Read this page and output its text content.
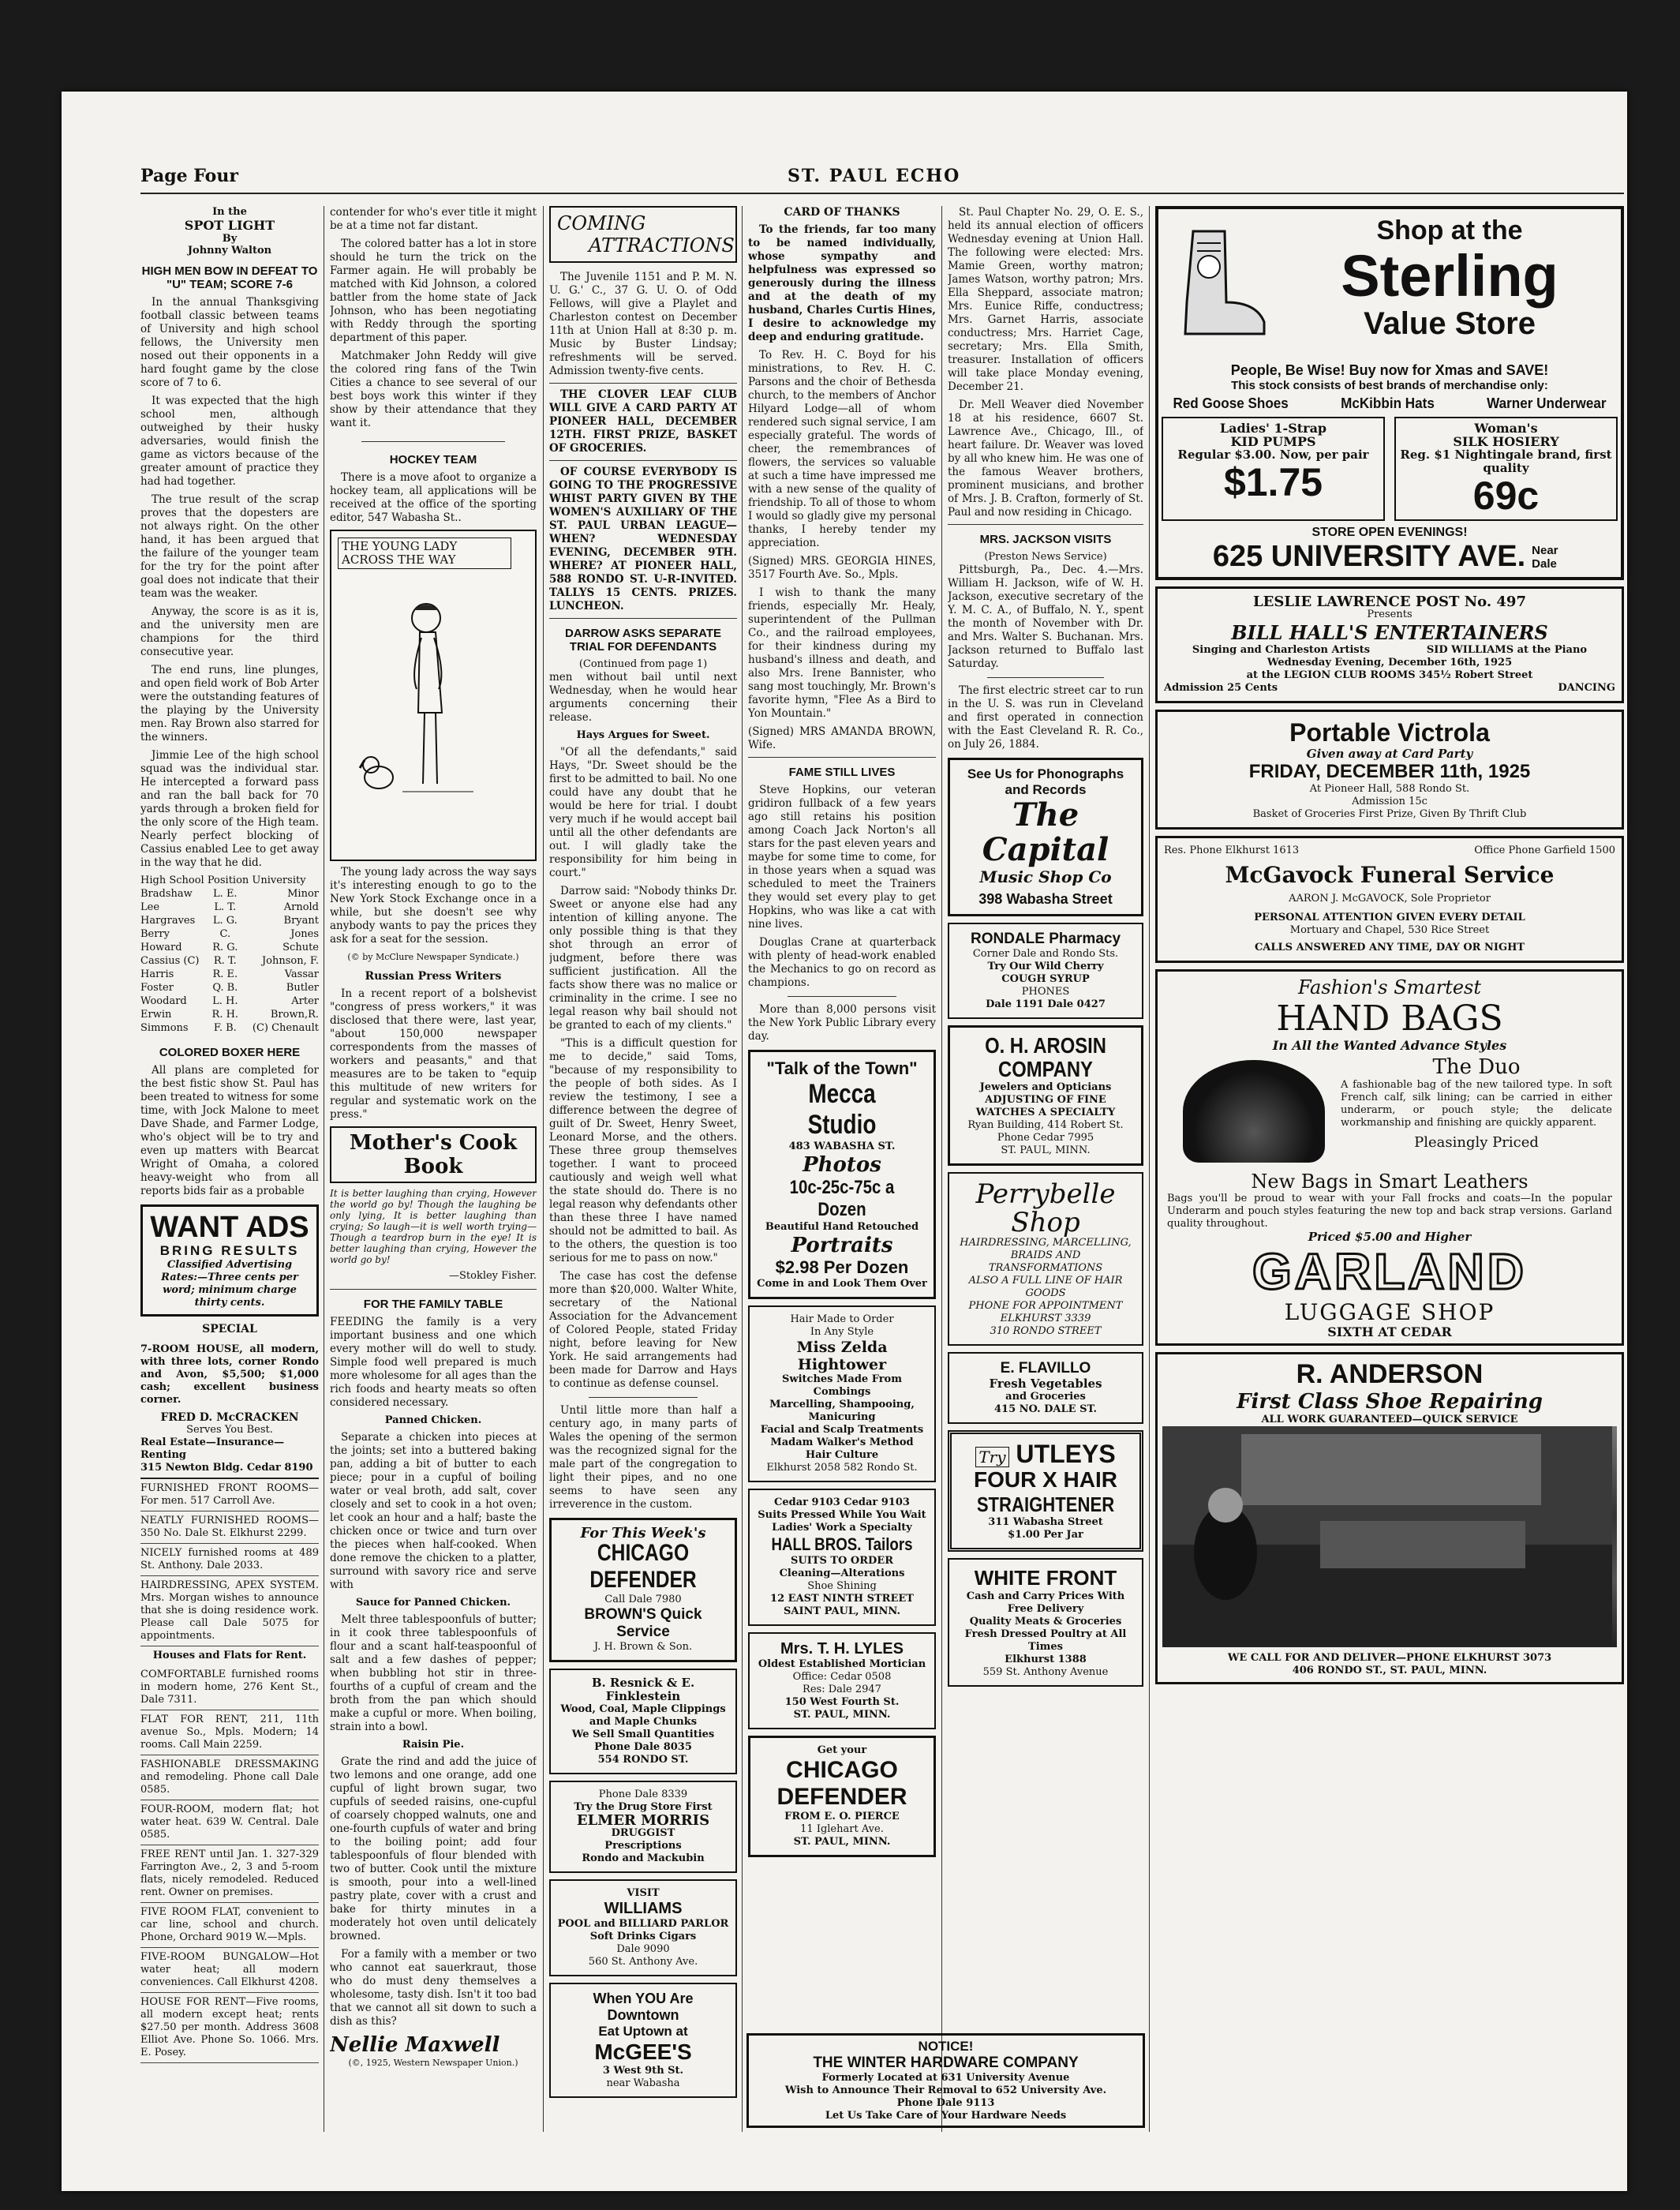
Page Four	ST. PAUL ECHO
In the
SPOT LIGHT
By
Johnny Walton
HIGH MEN BOW IN DEFEAT TO "U" TEAM; SCORE 7-6

In the annual Thanksgiving football classic between teams of University and high school fellows, the University men nosed out their opponents in a hard fought game by the close score of 7 to 6.

It was expected that the high school men, although outweighed by their husky adversaries, would finish the game as victors because of the greater amount of practice they had had together.

The true result of the scrap proves that the dopesters are not always right. On the other hand, it has been argued that the failure of the younger team for the try for the point after goal does not indicate that their team was the weaker.

Anyway, the score is as it is, and the university men are champions for the third consecutive year.

The end runs, line plunges, and open field work of Bob Arter were the outstanding features of the playing by the University men. Ray Brown also starred for the winners.

Jimmie Lee of the high school squad was the individual star. He intercepted a forward pass and ran the ball back for 70 yards through a broken field for the only score of the High team. Nearly perfect blocking of Cassius enabled Lee to get away in the way that he did.

High School Position University
Bradshaw	L. E.	Minor
Lee	L. T.	Arnold
Hargraves	L. G.	Bryant
Berry	C.	Jones
Howard	R. G.	Schute
Cassius (C)	R. T.	Johnson, F.
Harris	R. E.	Vassar
Foster	Q. B.	Butler
Woodard	L. H.	Arter
Erwin	R. H.	Brown,R.
Simmons	F. B.	(C) Chenault
COLORED BOXER HERE

All plans are completed for the best fistic show St. Paul has been treated to witness for some time, with Jock Malone to meet Dave Shade, and Farmer Lodge, who's object will be to try and even up matters with Bearcat Wright of Omaha, a colored heavy-weight who from all reports bids fair as a probable

WANT ADS
BRING RESULTS
Classified Advertising Rates:—Three cents per word; minimum charge thirty cents.
SPECIAL
7-ROOM HOUSE, all modern, with three lots, corner Rondo and Avon, $5,500; $1,000 cash; excellent business corner.
FRED D. McCRACKEN
Serves You Best.
Real Estate—Insurance—Renting
315 Newton Bldg. Cedar 8190
FURNISHED FRONT ROOMS—For men. 517 Carroll Ave.
NEATLY FURNISHED ROOMS—350 No. Dale St. Elkhurst 2299.
NICELY furnished rooms at 489 St. Anthony. Dale 2033.
HAIRDRESSING, APEX SYSTEM. Mrs. Morgan wishes to announce that she is doing residence work. Please call Dale 5075 for appointments.
Houses and Flats for Rent.
COMFORTABLE furnished rooms in modern home, 276 Kent St., Dale 7311.
FLAT FOR RENT, 211, 11th avenue So., Mpls. Modern; 14 rooms. Call Main 2259.
FASHIONABLE DRESSMAKING and remodeling. Phone call Dale 0585.
FOUR-ROOM, modern flat; hot water heat. 639 W. Central. Dale 0585.
FREE RENT until Jan. 1. 327-329 Farrington Ave., 2, 3 and 5-room flats, nicely remodeled. Reduced rent. Owner on premises.
FIVE ROOM FLAT, convenient to car line, school and church. Phone, Orchard 9019 W.—Mpls.
FIVE-ROOM BUNGALOW—Hot water heat; all modern conveniences. Call Elkhurst 4208.
HOUSE FOR RENT—Five rooms, all modern except heat; rents $27.50 per month. Address 3608 Elliot Ave. Phone So. 1066. Mrs. E. Posey.

contender for who's ever title it might be at a time not far distant.

The colored batter has a lot in store should he turn the trick on the Farmer again. He will probably be matched with Kid Johnson, a colored battler from the home state of Jack Johnson, who has been negotiating with Reddy through the sporting department of this paper.

Matchmaker John Reddy will give the colored ring fans of the Twin Cities a chance to see several of our best boys work this winter if they show by their attendance that they want it.

HOCKEY TEAM

There is a move afoot to organize a hockey team, all applications will be received at the office of the sporting editor, 547 Wabasha St..

THE YOUNG LADY ACROSS THE WAY

The young lady across the way says it's interesting enough to go to the New York Stock Exchange once in a while, but she doesn't see why anybody wants to pay the prices they ask for a seat for the session.

(© by McClure Newspaper Syndicate.)
Russian Press Writers

In a recent report of a bolshevist "congress of press workers," it was disclosed that there were, last year, "about 150,000 newspaper correspondents from the masses of workers and peasants," and that measures are to be taken to "equip this multitude of new writers for regular and systematic work on the press."

Mother's Cook Book

It is better laughing than crying, However the world go by! Though the laughing be only lying, It is better laughing than crying; So laugh—it is well worth trying— Though a teardrop burn in the eye! It is better laughing than crying, However the world go by!

—Stokley Fisher.
FOR THE FAMILY TABLE

FEEDING the family is a very important business and one which every mother will do well to study. Simple food well prepared is much more wholesome for all ages than the rich foods and hearty meats so often considered necessary.

Panned Chicken.

Separate a chicken into pieces at the joints; set into a buttered baking pan, adding a bit of butter to each piece; pour in a cupful of boiling water or veal broth, add salt, cover closely and set to cook in a hot oven; let cook an hour and a half; baste the chicken once or twice and turn over the pieces when half-cooked. When done remove the chicken to a platter, surround with savory rice and serve with

Sauce for Panned Chicken.

Melt three tablespoonfuls of butter; in it cook three tablespoonfuls of flour and a scant half-teaspoonful of salt and a few dashes of pepper; when bubbling hot stir in three-fourths of a cupful of cream and the broth from the pan which should make a cupful or more. When boiling, strain into a bowl.

Raisin Pie.

Grate the rind and add the juice of two lemons and one orange, add one cupful of light brown sugar, two cupfuls of seeded raisins, one-cupful of coarsely chopped walnuts, one and one-fourth cupfuls of water and bring to the boiling point; add four tablespoonfuls of flour blended with two of butter. Cook until the mixture is smooth, pour into a well-lined pastry plate, cover with a crust and bake for thirty minutes in a moderately hot oven until delicately browned.

For a family with a member or two who cannot eat sauerkraut, those who do must deny themselves a wholesome, tasty dish. Isn't it too bad that we cannot all sit down to such a dish as this?

Nellie Maxwell
(©, 1925, Western Newspaper Union.)
COMING
ATTRACTIONS

The Juvenile 1151 and P. M. N. U. G.' C., 37 G. U. O. of Odd Fellows, will give a Playlet and Charleston contest on December 11th at Union Hall at 8:30 p. m. Music by Buster Lindsay; refreshments will be served. Admission twenty-five cents.

THE CLOVER LEAF CLUB WILL GIVE A CARD PARTY AT PIONEER HALL, DECEMBER 12TH. FIRST PRIZE, BASKET OF GROCERIES.

OF COURSE EVERYBODY IS GOING TO THE PROGRESSIVE WHIST PARTY GIVEN BY THE WOMEN'S AUXILIARY OF THE ST. PAUL URBAN LEAGUE—WHEN? WEDNESDAY EVENING, DECEMBER 9TH. WHERE? AT PIONEER HALL, 588 RONDO ST. U-R-INVITED. TALLYS 15 CENTS. PRIZES. LUNCHEON.

DARROW ASKS SEPARATE TRIAL FOR DEFENDANTS
(Continued from page 1)

men without bail until next Wednesday, when he would hear arguments concerning their release.

Hays Argues for Sweet.

"Of all the defendants," said Hays, "Dr. Sweet should be the first to be admitted to bail. No one could have any doubt that he would be here for trial. I doubt very much if he would accept bail until all the other defendants are out. I will gladly take the responsibility for him being in court."

Darrow said: "Nobody thinks Dr. Sweet or anyone else had any intention of killing anyone. The only possible thing is that they shot through an error of judgment, before there was sufficient justification. All the facts show there was no malice or criminality in the crime. I see no legal reason why bail should not be granted to each of my clients."

"This is a difficult question for me to decide," said Toms, "because of my responsibility to the people of both sides. As I review the testimony, I see a difference between the degree of guilt of Dr. Sweet, Henry Sweet, Leonard Morse, and the others. These three group themselves together. I want to proceed cautiously and weigh well what the state should do. There is no legal reason why defendants other than these three I have named should not be admitted to bail. As to the others, the question is too serious for me to pass on now."

The case has cost the defense more than $20,000. Walter White, secretary of the National Association for the Advancement of Colored People, stated Friday night, before leaving for New York. He said arrangements had been made for Darrow and Hays to continue as defense counsel.

Until little more than half a century ago, in many parts of Wales the opening of the sermon was the recognized signal for the male part of the congregation to light their pipes, and no one seems to have seen any irreverence in the custom.

For This Week's
CHICAGO DEFENDER
Call Dale 7980
BROWN'S Quick Service
J. H. Brown & Son.
B. Resnick & E. Finklestein
Wood, Coal, Maple Clippings and Maple Chunks
We Sell Small Quantities
Phone Dale 8035
554 RONDO ST.
Phone Dale 8339
Try the Drug Store First
ELMER MORRIS
DRUGGIST
Prescriptions
Rondo and Mackubin
VISIT
WILLIAMS
POOL and BILLIARD PARLOR
Soft Drinks Cigars
Dale 9090
560 St. Anthony Ave.
When YOU Are Downtown
Eat Uptown at
McGEE'S
3 West 9th St.
near Wabasha
CARD OF THANKS

To the friends, far too many to be named individually, whose sympathy and helpfulness was expressed so generously during the illness and at the death of my husband, Charles Curtis Hines, I desire to acknowledge my deep and enduring gratitude.

To Rev. H. C. Boyd for his ministrations, to Rev. H. C. Parsons and the choir of Bethesda church, to the members of Anchor Hilyard Lodge—all of whom rendered such signal service, I am especially grateful. The words of cheer, the remembrances of flowers, the services so valuable at such a time have impressed me with a new sense of the quality of friendship. To all of those to whom I would so gladly give my personal thanks, I hereby tender my appreciation.

(Signed) MRS. GEORGIA HINES, 3517 Fourth Ave. So., Mpls.

I wish to thank the many friends, especially Mr. Healy, superintendent of the Pullman Co., and the railroad employees, for their kindness during my husband's illness and death, and also Mrs. Irene Bannister, who sang most touchingly, Mr. Brown's favorite hymn, "Flee As a Bird to Yon Mountain."

(Signed) MRS AMANDA BROWN, Wife.

FAME STILL LIVES

Steve Hopkins, our veteran gridiron fullback of a few years ago still retains his position among Coach Jack Norton's all stars for the past eleven years and maybe for some time to come, for in those years when a squad was scheduled to meet the Trainers they would set every play to get Hopkins, who was like a cat with nine lives.

Douglas Crane at quarterback with plenty of head-work enabled the Mechanics to go on record as champions.

More than 8,000 persons visit the New York Public Library every day.

"Talk of the Town"
Mecca Studio
483 WABASHA ST.
Photos
10c-25c-75c a Dozen
Beautiful Hand Retouched
Portraits
$2.98 Per Dozen
Come in and Look Them Over
Hair Made to Order
In Any Style
Miss Zelda Hightower
Switches Made From Combings
Marcelling, Shampooing, Manicuring
Facial and Scalp Treatments
Madam Walker's Method Hair Culture
Elkhurst 2058 582 Rondo St.
Cedar 9103 Cedar 9103
Suits Pressed While You Wait
Ladies' Work a Specialty
HALL BROS. Tailors
SUITS TO ORDER
Cleaning—Alterations
Shoe Shining
12 EAST NINTH STREET
SAINT PAUL, MINN.
Mrs. T. H. LYLES
Oldest Established Mortician
Office: Cedar 0508
Res: Dale 2947
150 West Fourth St.
ST. PAUL, MINN.
Get your
CHICAGO
DEFENDER
FROM E. O. PIERCE
11 Iglehart Ave.
ST. PAUL, MINN.

St. Paul Chapter No. 29, O. E. S., held its annual election of officers Wednesday evening at Union Hall. The following were elected: Mrs. Mamie Green, worthy matron; James Watson, worthy patron; Mrs. Ella Sheppard, associate matron; Mrs. Eunice Riffe, conductress; Mrs. Garnet Harris, associate conductress; Mrs. Harriet Cage, secretary; Mrs. Ella Smith, treasurer. Installation of officers will take place Monday evening, December 21.

Dr. Mell Weaver died November 18 at his residence, 6607 St. Lawrence Ave., Chicago, Ill., of heart failure. Dr. Weaver was loved by all who knew him. He was one of the famous Weaver brothers, prominent musicians, and brother of Mrs. J. B. Crafton, formerly of St. Paul and now residing in Chicago.

MRS. JACKSON VISITS
(Preston News Service)

Pittsburgh, Pa., Dec. 4.—Mrs. William H. Jackson, wife of W. H. Jackson, executive secretary of the Y. M. C. A., of Buffalo, N. Y., spent the month of November with Dr. and Mrs. Walter S. Buchanan. Mrs. Jackson returned to Buffalo last Saturday.

The first electric street car to run in the U. S. was run in Cleveland and first operated in connection with the East Cleveland R. R. Co., on July 26, 1884.

See Us for Phonographs and Records
The Capital
Music Shop Co
398 Wabasha Street
RONDALE Pharmacy
Corner Dale and Rondo Sts.
Try Our Wild Cherry
COUGH SYRUP
PHONES
Dale 1191 Dale 0427
O. H. AROSIN
COMPANY
Jewelers and Opticians
ADJUSTING OF FINE WATCHES A SPECIALTY
Ryan Building, 414 Robert St.
Phone Cedar 7995
ST. PAUL, MINN.
Perrybelle
Shop
HAIRDRESSING, MARCELLING, BRAIDS AND TRANSFORMATIONS
ALSO A FULL LINE OF HAIR GOODS
PHONE FOR APPOINTMENT
ELKHURST 3339
310 RONDO STREET
E. FLAVILLO
Fresh Vegetables
and Groceries
415 NO. DALE ST.
Try UTLEYS
FOUR X HAIR
STRAIGHTENER
311 Wabasha Street
$1.00 Per Jar
WHITE FRONT
Cash and Carry Prices With Free Delivery
Quality Meats & Groceries
Fresh Dressed Poultry at All Times
Elkhurst 1388
559 St. Anthony Avenue
NOTICE!
THE WINTER HARDWARE COMPANY
Formerly Located at 631 University Avenue
Wish to Announce Their Removal to 652 University Ave.
Phone Dale 9113
Let Us Take Care of Your Hardware Needs
Shop at the
Sterling
Value Store
People, Be Wise! Buy now for Xmas and SAVE!
This stock consists of best brands of merchandise only:
Red Goose Shoes	McKibbin Hats	Warner Underwear
Ladies' 1-Strap
KID PUMPS
Regular $3.00. Now, per pair
$1.75
Woman's
SILK HOSIERY
Reg. $1 Nightingale brand, first quality
69c
STORE OPEN EVENINGS!
625 UNIVERSITY AVE. Near Dale
LESLIE LAWRENCE POST No. 497
Presents
BILL HALL'S ENTERTAINERS
Singing and Charleston Artists	SID WILLIAMS at the Piano
Wednesday Evening, December 16th, 1925
at the LEGION CLUB ROOMS 345½ Robert Street
Admission 25 Cents	DANCING
Portable Victrola
Given away at Card Party
FRIDAY, DECEMBER 11th, 1925
At Pioneer Hall, 588 Rondo St.
Admission 15c
Basket of Groceries First Prize, Given By Thrift Club
Res. Phone Elkhurst 1613	Office Phone Garfield 1500
McGavock Funeral Service
AARON J. McGAVOCK, Sole Proprietor
PERSONAL ATTENTION GIVEN EVERY DETAIL
Mortuary and Chapel, 530 Rice Street
CALLS ANSWERED ANY TIME, DAY OR NIGHT
Fashion's Smartest
HAND BAGS
In All the Wanted Advance Styles
The Duo
A fashionable bag of the new tailored type. In soft French calf, silk lining; can be carried in either underarm, or pouch style; the delicate workmanship and finishing are quickly apparent.
Pleasingly Priced
New Bags in Smart Leathers
Bags you'll be proud to wear with your Fall frocks and coats—In the popular Underarm and pouch styles featuring the new top and back strap versions. Garland quality throughout.
Priced $5.00 and Higher
GARLAND
LUGGAGE SHOP
SIXTH AT CEDAR
R. ANDERSON
First Class Shoe Repairing
ALL WORK GUARANTEED—QUICK SERVICE
WE CALL FOR AND DELIVER—PHONE ELKHURST 3073
406 RONDO ST., ST. PAUL, MINN.
